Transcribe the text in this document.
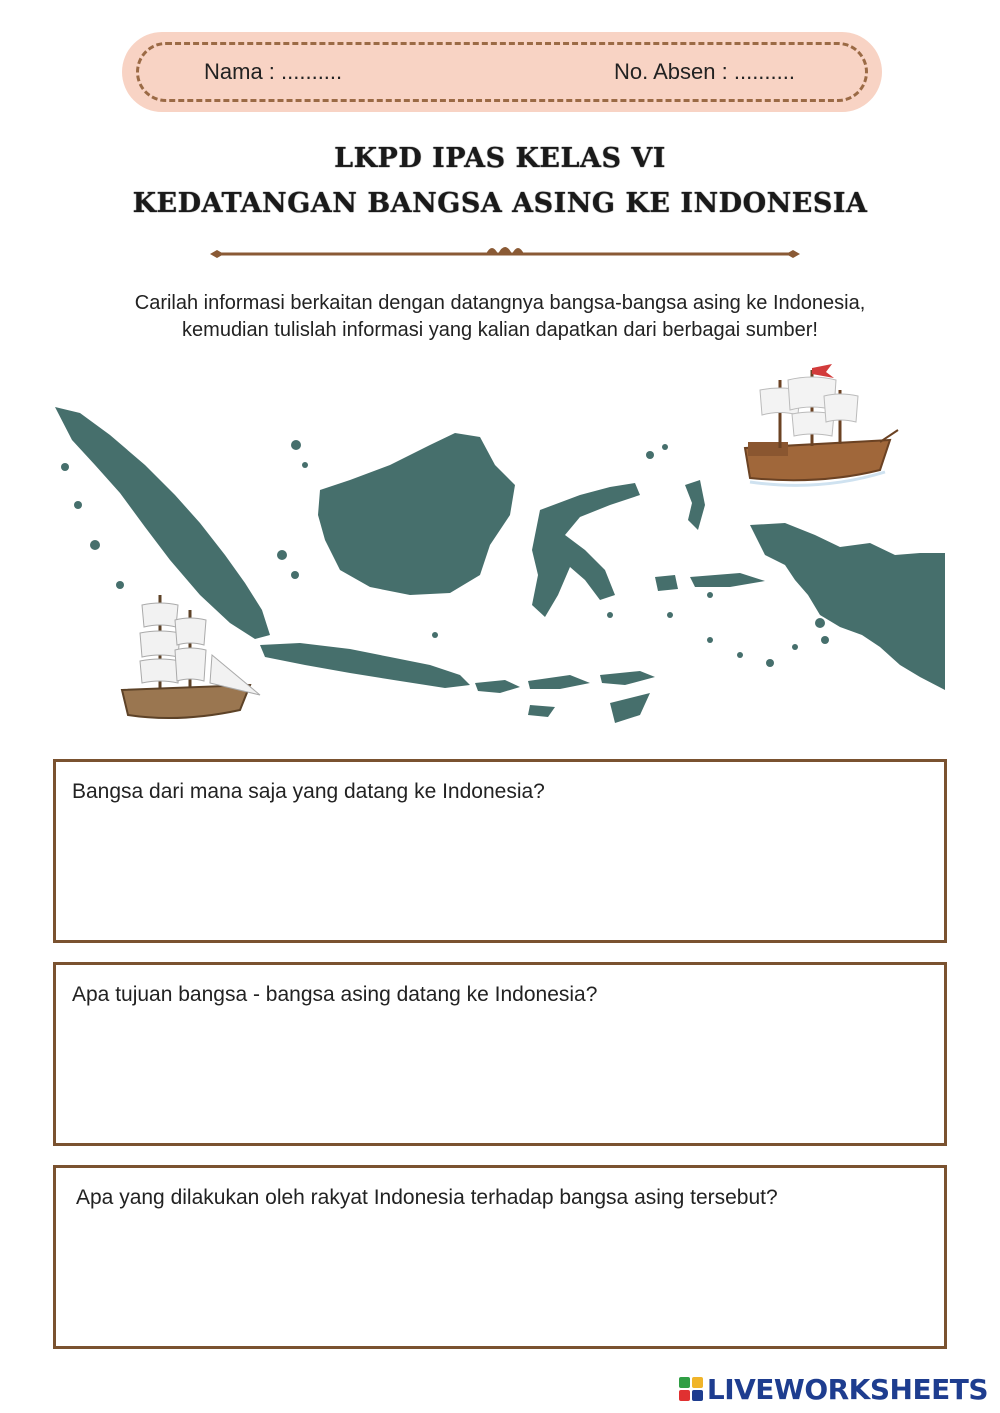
Nama : ..........	No. Absen : ..........
LKPD IPAS KELAS VI
KEDATANGAN BANGSA ASING KE INDONESIA
Carilah informasi berkaitan dengan datangnya bangsa-bangsa asing ke Indonesia,
kemudian tulislah informasi yang kalian dapatkan dari berbagai sumber!
Bangsa dari mana saja yang datang ke Indonesia?
Apa tujuan bangsa - bangsa asing datang ke Indonesia?
Apa yang dilakukan oleh rakyat Indonesia terhadap bangsa asing tersebut?
LIVEWORKSHEETS
